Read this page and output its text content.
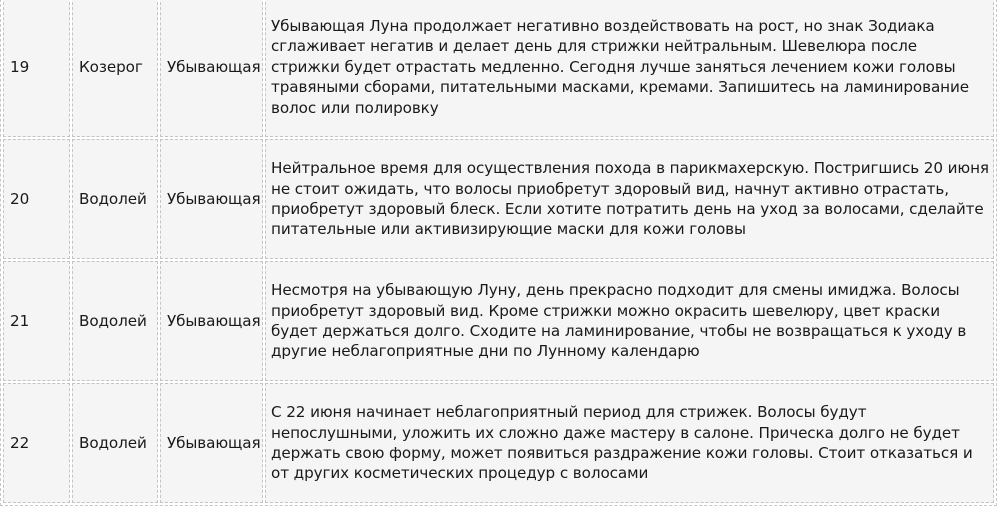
19	Козерог	Убывающая	Убывающая Луна продолжает негативно воздействовать на рост, но знак Зодиака сглаживает негатив и делает день для стрижки нейтральным. Шевелюра после стрижки будет отрастать медленно. Сегодня лучше заняться лечением кожи головы травяными сборами, питательными масками, кремами. Запишитесь на ламинирование волос или полировку
20	Водолей	Убывающая	Нейтральное время для осуществления похода в парикмахерскую. Постригшись 20 июня не стоит ожидать, что волосы приобретут здоровый вид, начнут активно отрастать, приобретут здоровый блеск. Если хотите потратить день на уход за волосами, сделайте питательные или активизирующие маски для кожи головы
21	Водолей	Убывающая	Несмотря на убывающую Луну, день прекрасно подходит для смены имиджа. Волосы приобретут здоровый вид. Кроме стрижки можно окрасить шевелюру, цвет краски будет держаться долго. Сходите на ламинирование, чтобы не возвращаться к уходу в другие неблагоприятные дни по Лунному календарю
22	Водолей	Убывающая	С 22 июня начинает неблагоприятный период для стрижек. Волосы будут непослушными, уложить их сложно даже мастеру в салоне. Прическа долго не будет держать свою форму, может появиться раздражение кожи головы. Стоит отказаться и от других косметических процедур с волосами
